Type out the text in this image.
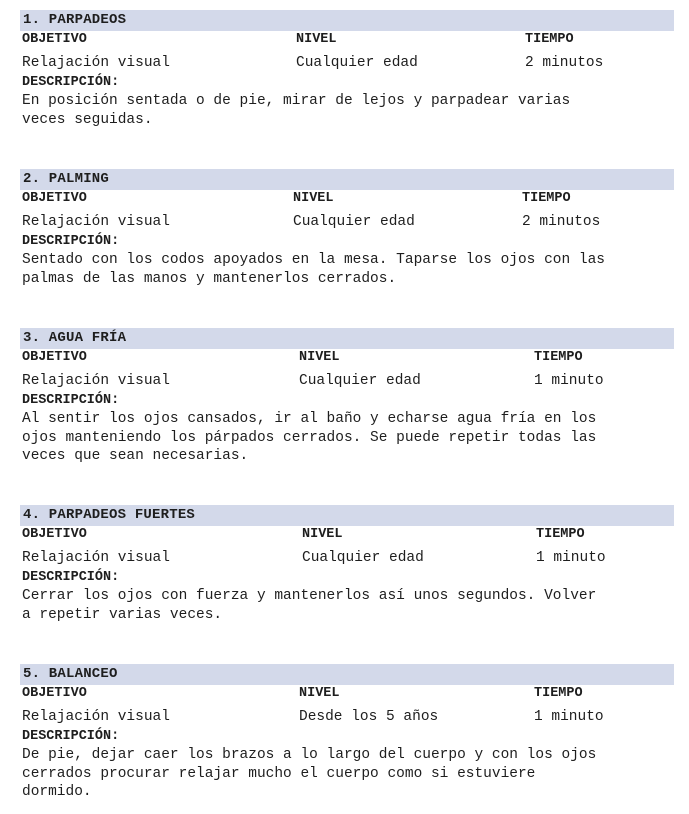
1. PARPADEOS
OBJETIVO	NIVEL	TIEMPO
Relajación visual	Cualquier edad	2 minutos
DESCRIPCIÓN:

En posición sentada o de pie, mirar de lejos y parpadear varias
veces seguidas.

2. PALMING
OBJETIVO	NIVEL	TIEMPO
Relajación visual	Cualquier edad	2 minutos
DESCRIPCIÓN:

Sentado con los codos apoyados en la mesa. Taparse los ojos con las
palmas de las manos y mantenerlos cerrados.

3. AGUA FRÍA
OBJETIVO	NIVEL	TIEMPO
Relajación visual	Cualquier edad	1 minuto
DESCRIPCIÓN:

Al sentir los ojos cansados, ir al baño y echarse agua fría en los
ojos manteniendo los párpados cerrados. Se puede repetir todas las
veces que sean necesarias.

4. PARPADEOS FUERTES
OBJETIVO	NIVEL	TIEMPO
Relajación visual	Cualquier edad	1 minuto
DESCRIPCIÓN:

Cerrar los ojos con fuerza y mantenerlos así unos segundos. Volver
a repetir varias veces.

5. BALANCEO
OBJETIVO	NIVEL	TIEMPO
Relajación visual	Desde los 5 años	1 minuto
DESCRIPCIÓN:

De pie, dejar caer los brazos a lo largo del cuerpo y con los ojos
cerrados procurar relajar mucho el cuerpo como si estuviere
dormido.
